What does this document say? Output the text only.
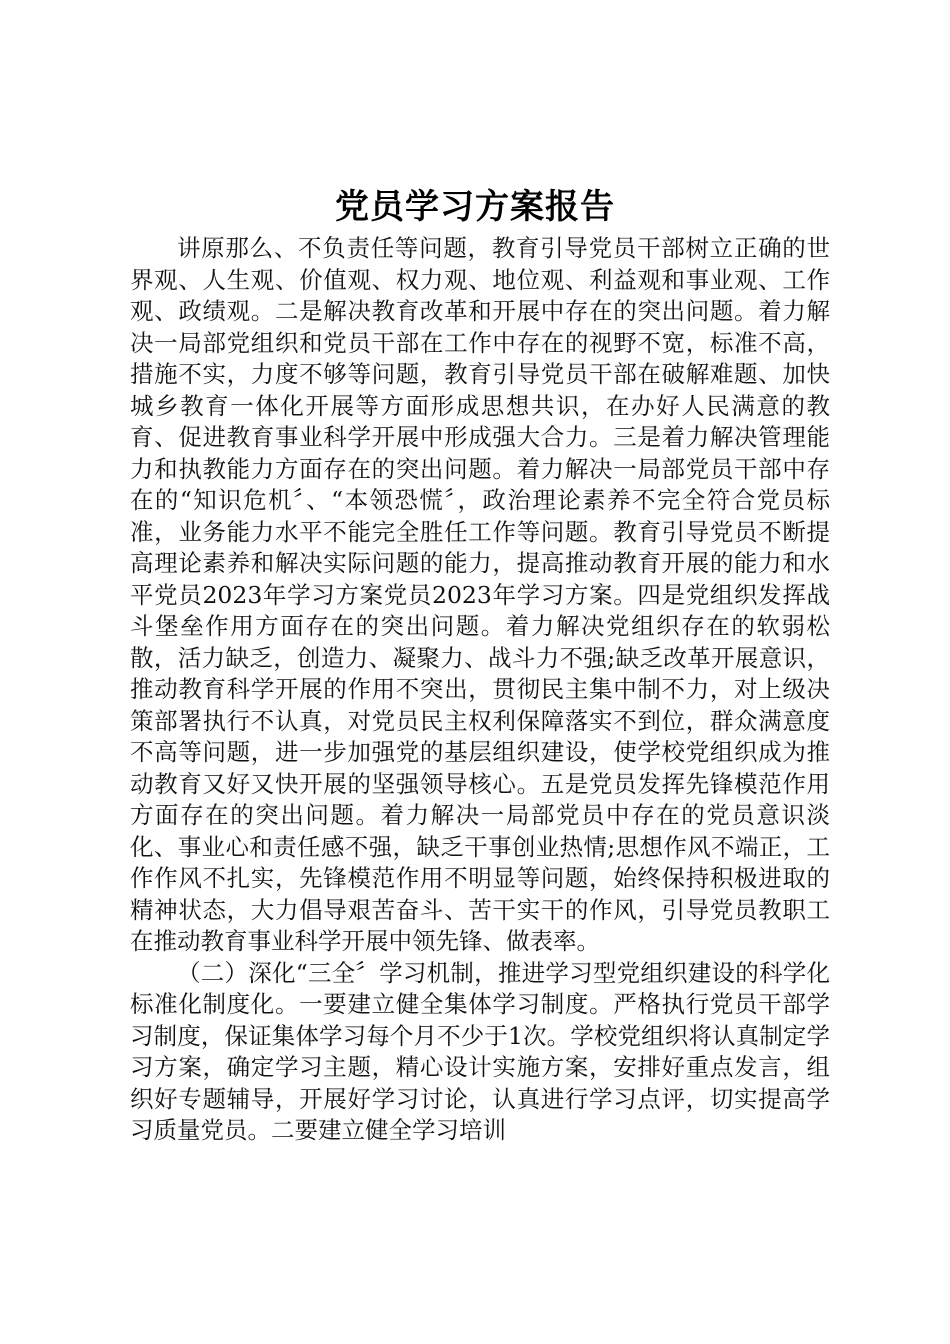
党员学习方案报告

讲原那么、不负责任等问题，教育引导党员干部树立正确的世界观、人生观、价值观、权力观、地位观、利益观和事业观、工作观、政绩观。二是解决教育改革和开展中存在的突出问题。着力解决一局部党组织和党员干部在工作中存在的视野不宽，标准不高，措施不实，力度不够等问题，教育引导党员干部在破解难题、加快城乡教育一体化开展等方面形成思想共识，在办好人民满意的教育、促进教育事业科学开展中形成强大合力。三是着力解决管理能力和执教能力方面存在的突出问题。着力解决一局部党员干部中存在的“知识危机〞、“本领恐慌〞，政治理论素养不完全符合党员标准，业务能力水平不能完全胜任工作等问题。教育引导党员不断提高理论素养和解决实际问题的能力，提高推动教育开展的能力和水平党员2023年学习方案党员2023年学习方案。四是党组织发挥战斗堡垒作用方面存在的突出问题。着力解决党组织存在的软弱松散，活力缺乏，创造力、凝聚力、战斗力不强;缺乏改革开展意识，推动教育科学开展的作用不突出，贯彻民主集中制不力，对上级决策部署执行不认真，对党员民主权利保障落实不到位，群众满意度不高等问题，进一步加强党的基层组织建设，使学校党组织成为推动教育又好又快开展的坚强领导核心。五是党员发挥先锋模范作用方面存在的突出问题。着力解决一局部党员中存在的党员意识淡化、事业心和责任感不强，缺乏干事创业热情;思想作风不端正，工作作风不扎实，先锋模范作用不明显等问题，始终保持积极进取的精神状态，大力倡导艰苦奋斗、苦干实干的作风，引导党员教职工在推动教育事业科学开展中领先锋、做表率。

（二）深化“三全〞学习机制，推进学习型党组织建设的科学化标准化制度化。一要建立健全集体学习制度。严格执行党员干部学习制度，保证集体学习每个月不少于1次。学校党组织将认真制定学习方案，确定学习主题，精心设计实施方案，安排好重点发言，组织好专题辅导，开展好学习讨论，认真进行学习点评，切实提高学习质量党员。二要建立健全学习培训
